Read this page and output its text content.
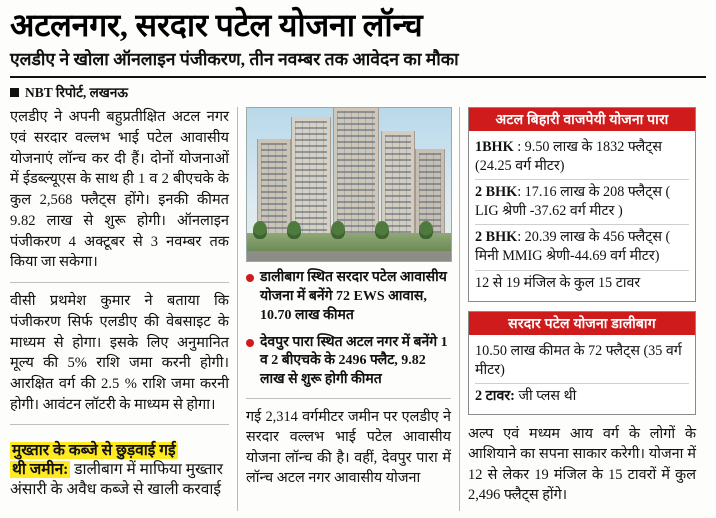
अटलनगर, सरदार पटेल योजना लॉन्च
एलडीए ने खोला ऑनलाइन पंजीकरण, तीन नवम्बर तक आवेदन का मौका
NBT रिपोर्ट, लखनऊ

एलडीए ने अपनी बहुप्रतीक्षित अटल नगर एवं सरदार वल्लभ भाई पटेल आवासीय योजनाएं लॉन्च कर दी हैं। दोनों योजनाओं में ईडब्ल्यूएस के साथ ही 1 व 2 बीएचके के कुल 2,568 फ्लैट्स होंगे। इनकी कीमत 9.82 लाख से शुरू होगी। ऑनलाइन पंजीकरण 4 अक्टूबर से 3 नवम्बर तक किया जा सकेगा।

वीसी प्रथमेश कुमार ने बताया कि पंजीकरण सिर्फ एलडीए की वेबसाइट के माध्यम से होगा। इसके लिए अनुमानित मूल्य की 5% राशि जमा करनी होगी। आरक्षित वर्ग की 2.5 % राशि जमा करनी होगी। आवंटन लॉटरी के माध्यम से होगा।

मुख्तार के कब्जे से छुड़वाई गई
थी जमीन: डालीबाग में माफिया मुख्तार अंसारी के अवैध कब्जे से खाली करवाई

डालीबाग स्थित सरदार पटेल आवासीय योजना में बनेंगे 72 EWS आवास, 10.70 लाख कीमत
देवपुर पारा स्थित अटल नगर में बनेंगे 1 व 2 बीएचके के 2496 फ्लैट, 9.82 लाख से शुरू होगी कीमत

गई 2,314 वर्गमीटर जमीन पर एलडीए ने सरदार वल्लभ भाई पटेल आवासीय योजना लॉन्च की है। वहीं, देवपुर पारा में लॉन्च अटल नगर आवासीय योजना

अटल बिहारी वाजपेयी योजना पारा
1BHK : 9.50 लाख के 1832 फ्लैट्स (24.25 वर्ग मीटर)
2 BHK: 17.16 लाख के 208 फ्लैट्स ( LIG श्रेणी -37.62 वर्ग मीटर )
2 BHK: 20.39 लाख के 456 फ्लैट्स ( मिनी MMIG श्रेणी-44.69 वर्ग मीटर)
12 से 19 मंजिल के कुल 15 टावर
सरदार पटेल योजना डालीबाग
10.50 लाख कीमत के 72 फ्लैट्स (35 वर्ग मीटर)
2 टावर: जी प्लस थी

अल्प एवं मध्यम आय वर्ग के लोगों के आशियाने का सपना साकार करेगी। योजना में 12 से लेकर 19 मंजिल के 15 टावरों में कुल 2,496 फ्लैट्स होंगे।
